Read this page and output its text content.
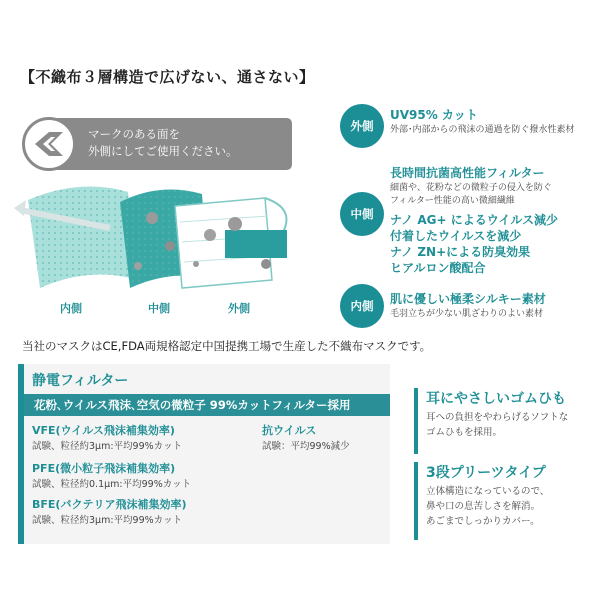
【不織布３層構造で広げない、通さない】
マークのある面を
外側にしてご使用ください。
内側	中側	外側
外側
UV95% カット
外部･内部からの飛沫の通過を防ぐ撥水性素材
中側
長時間抗菌高性能フィルター
細菌や、花粉などの微粒子の侵入を防ぐ
フィルター性能の高い微細繊維
ナノ AG+ によるウイルス減少
付着したウイルスを減少
ナノ ZN+による防臭効果
ヒアルロン酸配合
内側	肌に優しい極柔シルキー素材
毛羽立ちが少ない肌ざわりのよい素材
当社のマスクはCE,FDA両規格認定中国提携工場で生産した不織布マスクです。
静電フィルター
花粉､ウイルス飛沫､空気の微粒子 99%カットフィルター採用
VFE(ウイルス飛沫補集効率)
試験、粒径約3μm:平均99%カット
抗ウイルス
試験：平均99%減少
PFE(微小粒子飛沫補集効率)
試験、粒径約0.1μm:平均99%カット
BFE(バクテリア飛沫補集効率)
試験、粒径約3μm:平均99%カット
耳にやさしいゴムひも
耳への負担をやわらげるソフトな
ゴムひもを採用。
3段プリーツタイプ
立体構造になっているので、
鼻や口の息苦しさを解消。
あごまでしっかりカバー。
